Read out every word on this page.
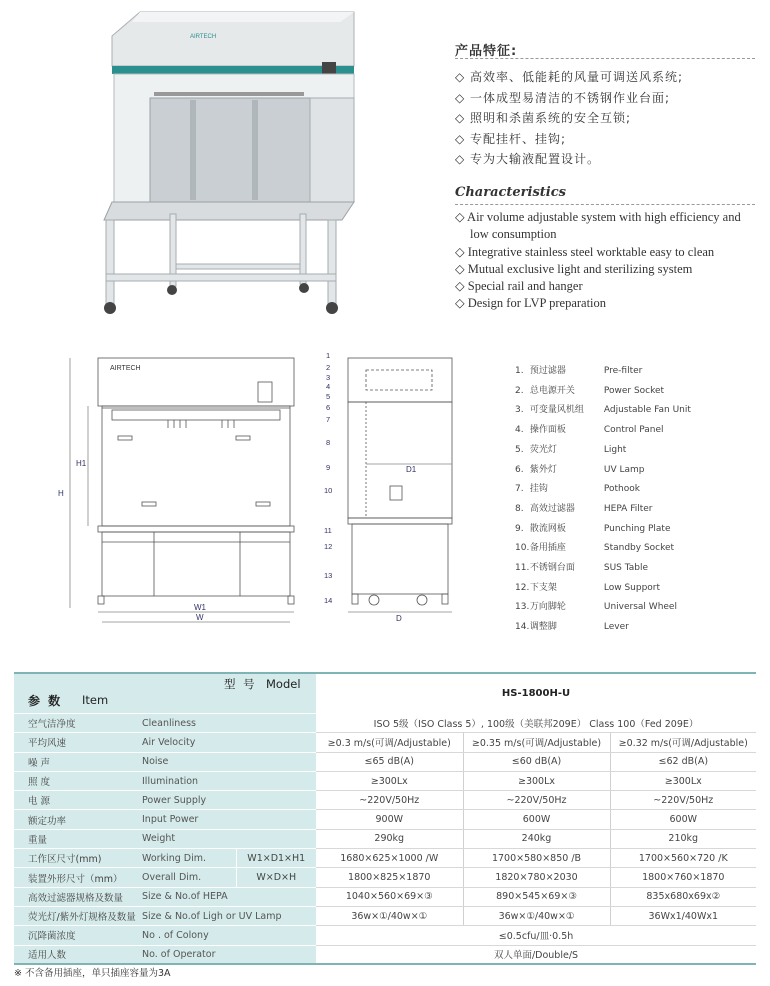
AIRTECH
产品特征:
◇ 高效率、低能耗的风量可调送风系统;
◇ 一体成型易清洁的不锈钢作业台面;
◇ 照明和杀菌系统的安全互锁;
◇ 专配挂杆、挂钩;
◇ 专为大输液配置设计。
Characteristics
◇ Air volume adjustable system with high efficiency and low consumption
◇ Integrative stainless steel worktable easy to clean
◇ Mutual exclusive light and sterilizing system
◇ Special rail and hanger
◇ Design for LVP preparation
AIRTECH
H1
H
W1
W
D1
D
1
2
3
4
5
6
7
8
9
10
11
12
13
14
1. 预过滤器	Pre-filter
2. 总电源开关	Power Socket
3. 可变量风机组 Adjustable Fan Unit
4. 操作面板	Control Panel
5. 荧光灯	Light
6. 紫外灯	UV Lamp
7. 挂钩	Pothook
8. 高效过滤器	HEPA Filter
9. 散流网板	Punching Plate
10. 备用插座	Standby Socket
11. 不锈钢台面	SUS Table
12. 下支架	Low Support
13. 万向脚轮	Universal Wheel
14. 调整脚	Lever
参 数 Item
型 号 Model			HS-1800H-U		
空气洁净度	Cleanliness		ISO 5级（ISO Class 5）, 100级（美联邦209E） Class 100（Fed 209E）		
平均风速	Air Velocity		≥0.3 m/s(可调/Adjustable)	≥0.35 m/s(可调/Adjustable)	≥0.32 m/s(可调/Adjustable)
噪 声	Noise		≤65 dB(A)	≤60 dB(A)	≤62 dB(A)
照 度	Illumination		≥300Lx	≥300Lx	≥300Lx
电 源	Power Supply		~220V/50Hz	~220V/50Hz	~220V/50Hz
额定功率	Input Power		900W	600W	600W
重量	Weight		290kg	240kg	210kg
工作区尺寸(mm)	Working Dim.	W1×D1×H1	1680×625×1000 /W	1700×580×850 /B	1700×560×720 /K
装置外形尺寸（mm）	Overall Dim.	W×D×H	1800×825×1870	1820×780×2030	1800×760×1870
高效过滤器规格及数量	Size & No.of HEPA		1040×560×69×③	890×545×69×③	835x680x69x②
荧光灯/紫外灯规格及数量	Size & No.of Ligh or UV Lamp		36w×①/40w×①	36w×①/40w×①	36Wx1/40Wx1
沉降菌浓度	No . of Colony		≤0.5cfu/皿·0.5h		
适用人数	No. of Operator		双人单面/Double/S		
※ 不含备用插座，单只插座容量为3A
